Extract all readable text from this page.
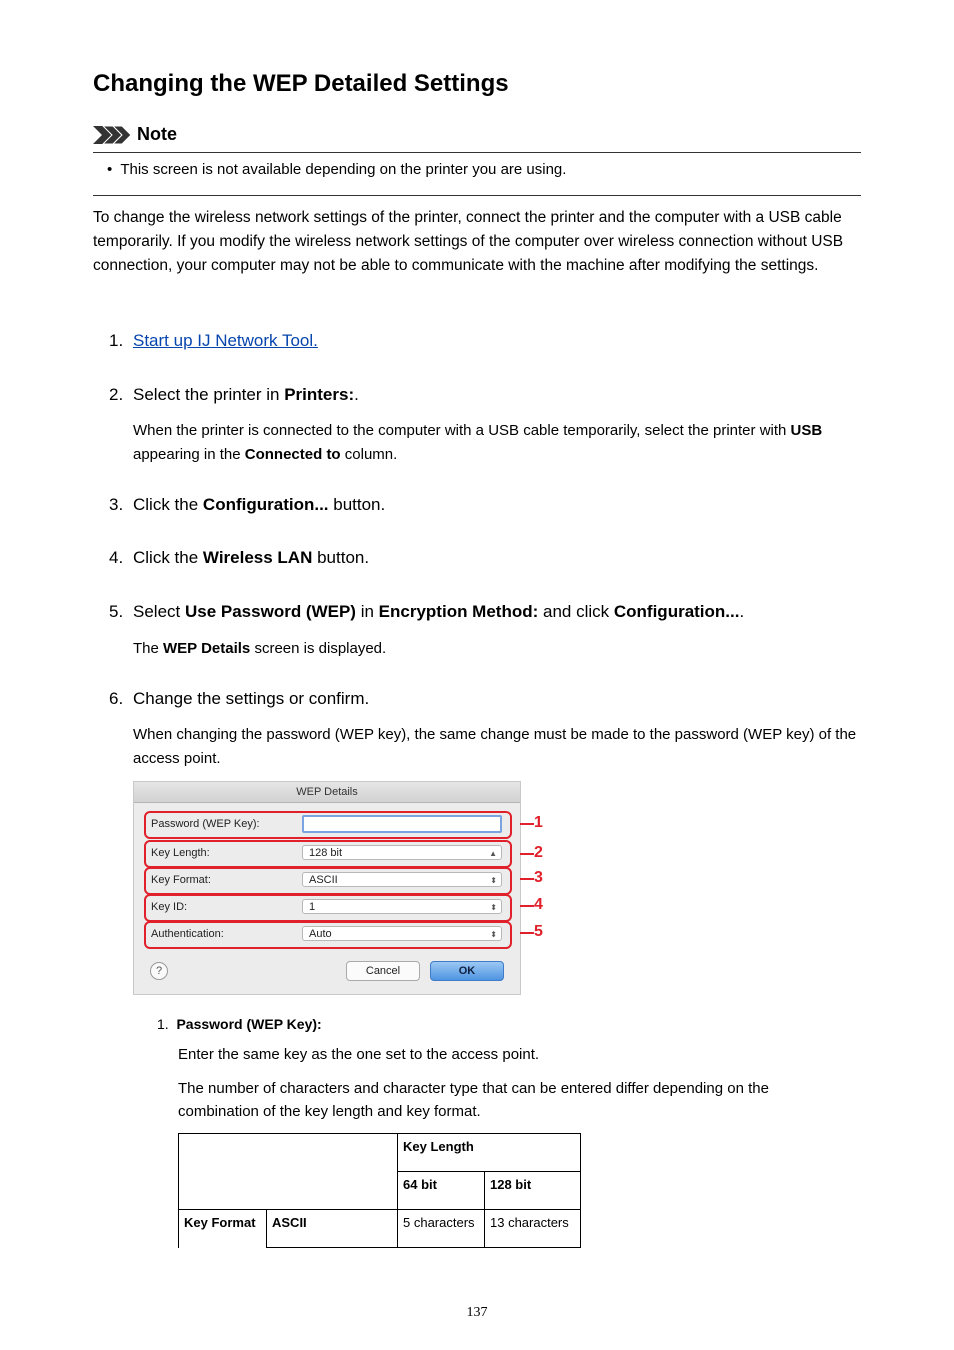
Changing the WEP Detailed Settings
Note
•  This screen is not available depending on the printer you are using.
To change the wireless network settings of the printer, connect the printer and the computer with a USB cable temporarily. If you modify the wireless network settings of the computer over wireless connection without USB connection, your computer may not be able to communicate with the machine after modifying the settings.
1. Start up IJ Network Tool.
2. Select the printer in Printers:.
When the printer is connected to the computer with a USB cable temporarily, select the printer with USB appearing in the Connected to column.
3. Click the Configuration... button.
4. Click the Wireless LAN button.
5. Select Use Password (WEP) in Encryption Method: and click Configuration....
The WEP Details screen is displayed.
6. Change the settings or confirm.
When changing the password (WEP key), the same change must be made to the password (WEP key) of the access point.
WEP Details
Password (WEP Key):
Key Length:	128 bit	▲

Key Format:	ASCII	⬍
Key ID:	1	⬍
Authentication:	Auto	⬍
?	Cancel	OK
1
2
3
4
5
1. Password (WEP Key):
Enter the same key as the one set to the access point.
The number of characters and character type that can be entered differ depending on the combination of the key length and key format.
		Key Length	
		64 bit	128 bit
Key Format	ASCII	5 characters	13 characters
137
